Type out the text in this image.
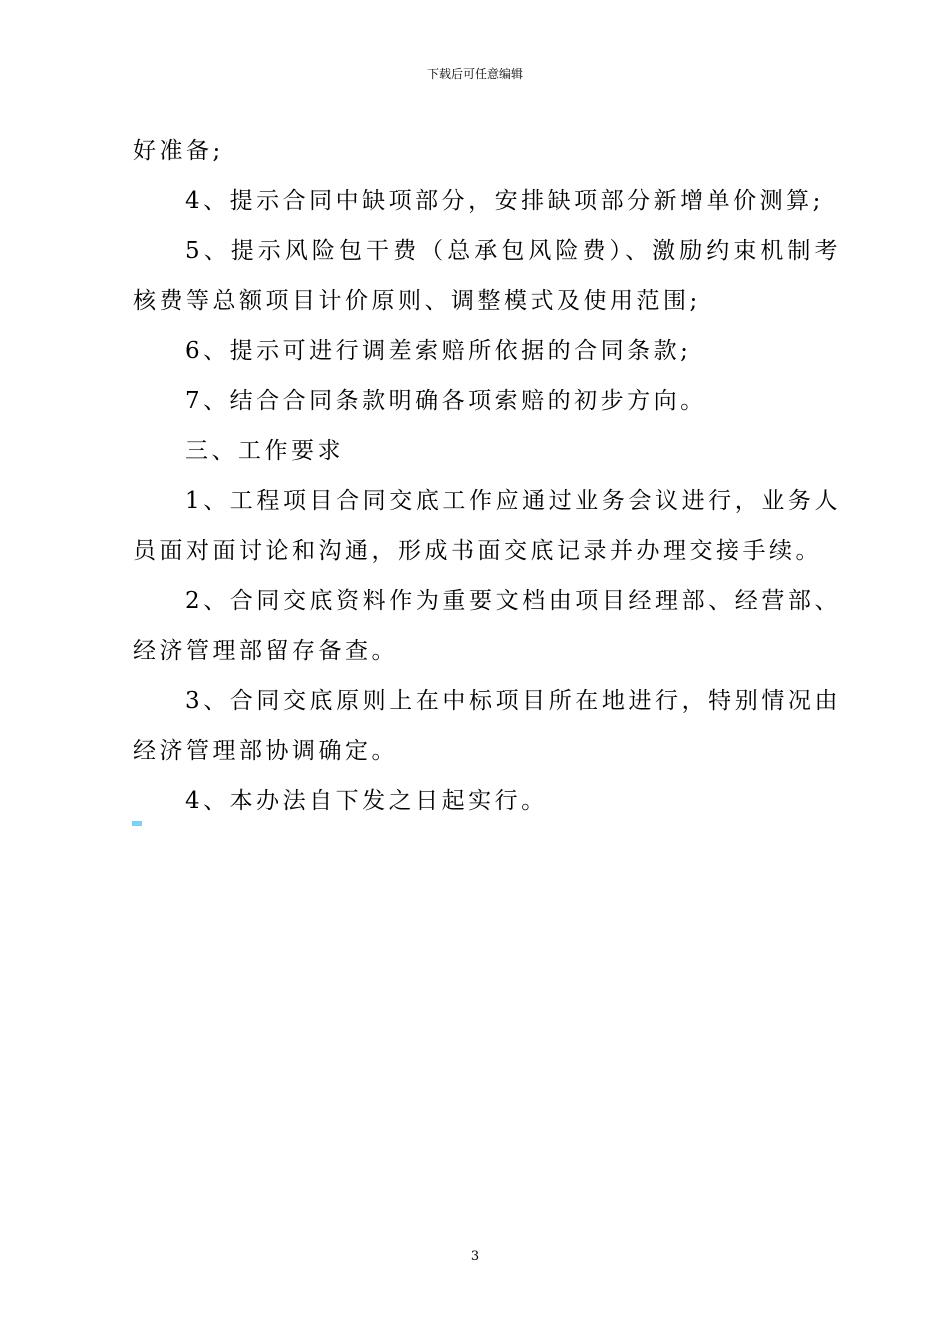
下载后可任意编辑

好准备;

4、提示合同中缺项部分，安排缺项部分新增单价测算;

5、提示风险包干费（总承包风险费）、激励约束机制考核费等总额项目计价原则、调整模式及使用范围;

6、提示可进行调差索赔所依据的合同条款;

7、结合合同条款明确各项索赔的初步方向。

三、工作要求

1、工程项目合同交底工作应通过业务会议进行，业务人员面对面讨论和沟通，形成书面交底记录并办理交接手续。

2、合同交底资料作为重要文档由项目经理部、经营部、经济管理部留存备查。

3、合同交底原则上在中标项目所在地进行，特别情况由经济管理部协调确定。

4、本办法自下发之日起实行。

3
